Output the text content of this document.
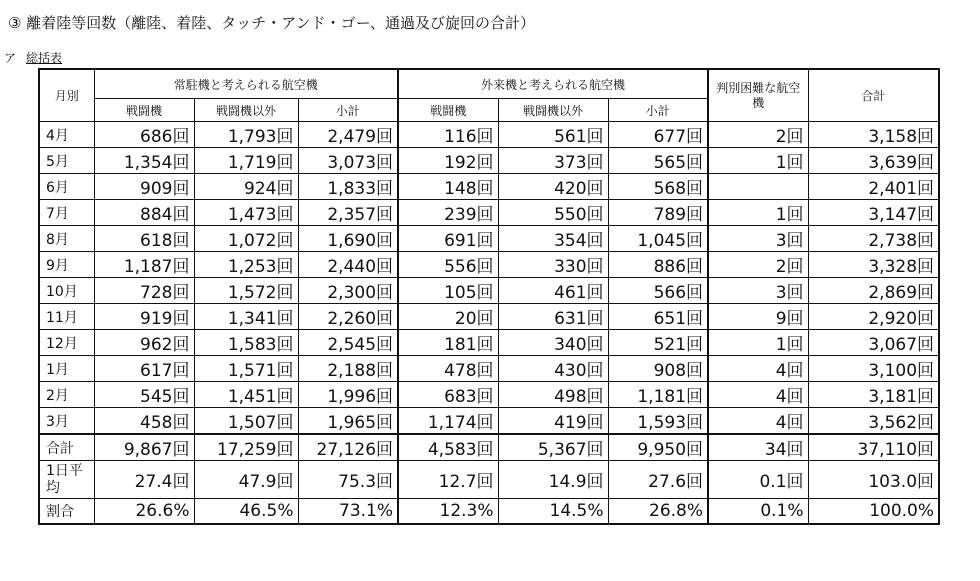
③ 離着陸等回数（離陸、着陸、タッチ・アンド・ゴー、通過及び旋回の合計）
ア 総括表
月別	常駐機と考えられる航空機			外来機と考えられる航空機			判別困難な航空機	合計
	戦闘機	戦闘機以外	小計	戦闘機	戦闘機以外	小計		
4月	686回	1,793回	2,479回	116回	561回	677回	2回	3,158回
5月	1,354回	1,719回	3,073回	192回	373回	565回	1回	3,639回
6月	909回	924回	1,833回	148回	420回	568回		2,401回
7月	884回	1,473回	2,357回	239回	550回	789回	1回	3,147回
8月	618回	1,072回	1,690回	691回	354回	1,045回	3回	2,738回
9月	1,187回	1,253回	2,440回	556回	330回	886回	2回	3,328回
10月	728回	1,572回	2,300回	105回	461回	566回	3回	2,869回
11月	919回	1,341回	2,260回	20回	631回	651回	9回	2,920回
12月	962回	1,583回	2,545回	181回	340回	521回	1回	3,067回
1月	617回	1,571回	2,188回	478回	430回	908回	4回	3,100回
2月	545回	1,451回	1,996回	683回	498回	1,181回	4回	3,181回
3月	458回	1,507回	1,965回	1,174回	419回	1,593回	4回	3,562回
合計	9,867回	17,259回	27,126回	4,583回	5,367回	9,950回	34回	37,110回
1日平均	27.4回	47.9回	75.3回	12.7回	14.9回	27.6回	0.1回	103.0回
割合	26.6%	46.5%	73.1%	12.3%	14.5%	26.8%	0.1%	100.0%
